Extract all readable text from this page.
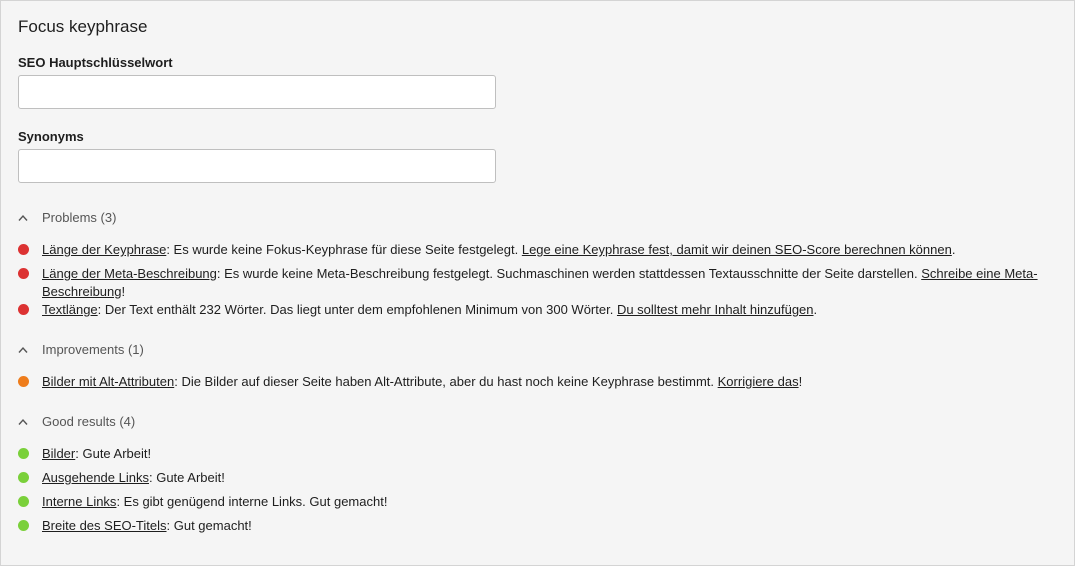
Focus keyphrase
SEO Hauptschlüsselwort
Synonyms
Problems (3)
Länge der Keyphrase: Es wurde keine Fokus-Keyphrase für diese Seite festgelegt. Lege eine Keyphrase fest, damit wir deinen SEO-Score berechnen können.
Länge der Meta-Beschreibung: Es wurde keine Meta-Beschreibung festgelegt. Suchmaschinen werden stattdessen Textausschnitte der Seite darstellen. Schreibe eine Meta-Beschreibung!
Textlänge: Der Text enthält 232 Wörter. Das liegt unter dem empfohlenen Minimum von 300 Wörter. Du solltest mehr Inhalt hinzufügen.
Improvements (1)
Bilder mit Alt-Attributen: Die Bilder auf dieser Seite haben Alt-Attribute, aber du hast noch keine Keyphrase bestimmt. Korrigiere das!
Good results (4)
Bilder: Gute Arbeit!
Ausgehende Links: Gute Arbeit!
Interne Links: Es gibt genügend interne Links. Gut gemacht!
Breite des SEO-Titels: Gut gemacht!
